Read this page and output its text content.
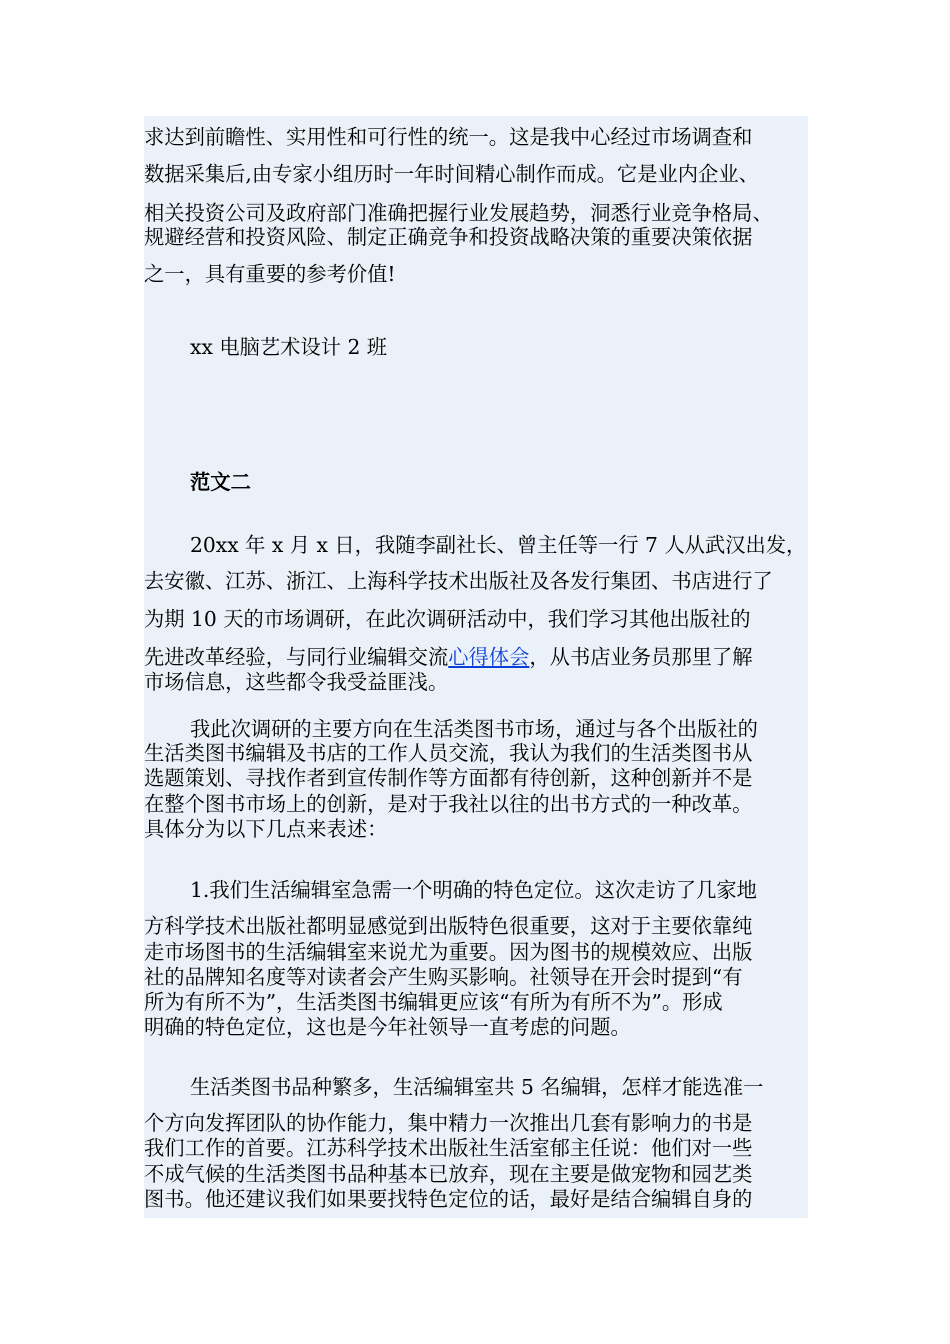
求达到前瞻性、实用性和可行性的统一。这是我中心经过市场调查和
数据采集后,由专家小组历时一年时间精心制作而成。它是业内企业、
相关投资公司及政府部门准确把握行业发展趋势，洞悉行业竞争格局、
规避经营和投资风险、制定正确竞争和投资战略决策的重要决策依据
之一，具有重要的参考价值!
xx 电脑艺术设计 2 班
范文二
20xx 年 x 月 x 日，我随李副社长、曾主任等一行 7 人从武汉出发，
去安徽、江苏、浙江、上海科学技术出版社及各发行集团、书店进行了
为期 10 天的市场调研，在此次调研活动中，我们学习其他出版社的
先进改革经验，与同行业编辑交流心得体会，从书店业务员那里了解
市场信息，这些都令我受益匪浅。
我此次调研的主要方向在生活类图书市场，通过与各个出版社的
生活类图书编辑及书店的工作人员交流，我认为我们的生活类图书从
选题策划、寻找作者到宣传制作等方面都有待创新，这种创新并不是
在整个图书市场上的创新，是对于我社以往的出书方式的一种改革。
具体分为以下几点来表述：
1.我们生活编辑室急需一个明确的特色定位。这次走访了几家地
方科学技术出版社都明显感觉到出版特色很重要，这对于主要依靠纯
走市场图书的生活编辑室来说尤为重要。因为图书的规模效应、出版
社的品牌知名度等对读者会产生购买影响。社领导在开会时提到“有
所为有所不为”，生活类图书编辑更应该“有所为有所不为”。形成
明确的特色定位，这也是今年社领导一直考虑的问题。
生活类图书品种繁多，生活编辑室共 5 名编辑，怎样才能选准一
个方向发挥团队的协作能力，集中精力一次推出几套有影响力的书是
我们工作的首要。江苏科学技术出版社生活室郁主任说：他们对一些
不成气候的生活类图书品种基本已放弃，现在主要是做宠物和园艺类
图书。他还建议我们如果要找特色定位的话，最好是结合编辑自身的
